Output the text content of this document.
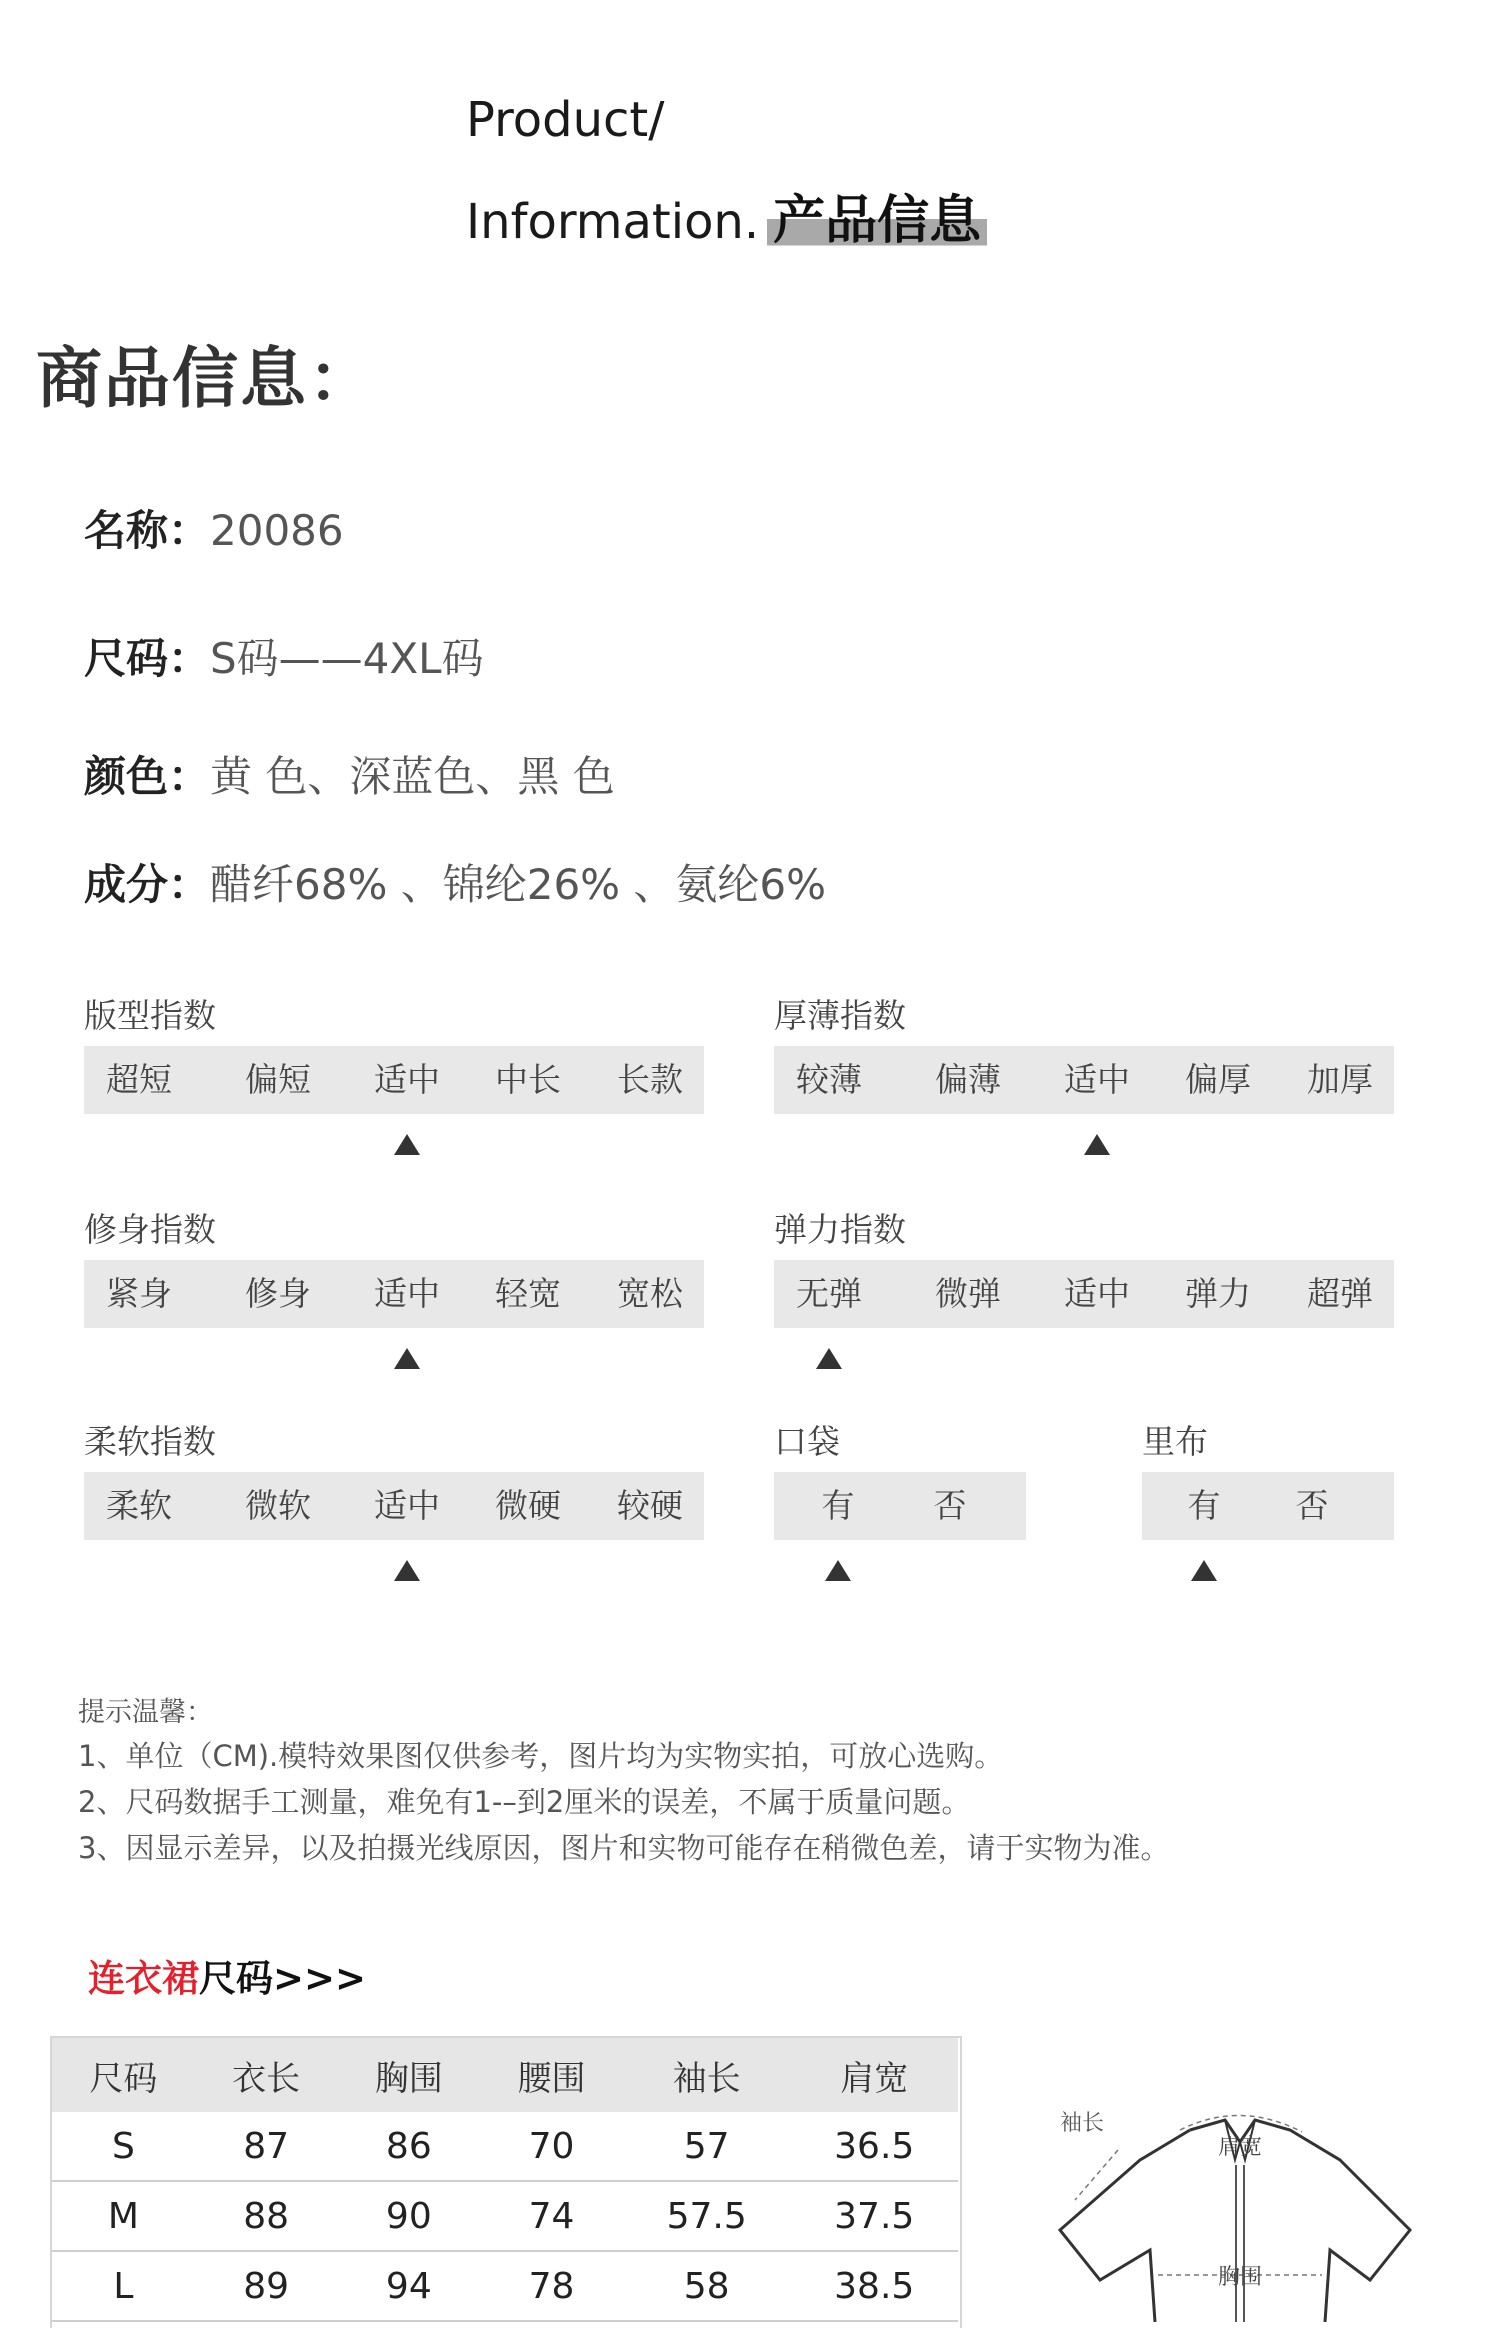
Product/
Information. 产品信息
商品信息：
名称：20086
尺码：S码——4XL码
颜色：黄 色、深蓝色、黑 色
成分：醋纤68% 、锦纶26% 、氨纶6%
版型指数
超短 偏短 适中 中长 长款
厚薄指数
较薄 偏薄 适中 偏厚 加厚
修身指数
紧身 修身 适中 轻宽 宽松
弹力指数
无弹 微弹 适中 弹力 超弹
柔软指数
柔软 微软 适中 微硬 较硬
口袋
有 否
里布
有 否
提示温馨：
1、单位（CM).模特效果图仅供参考，图片均为实物实拍，可放心选购。
2、尺码数据手工测量，难免有1-–到2厘米的误差，不属于质量问题。
3、因显示差异，以及拍摄光线原因，图片和实物可能存在稍微色差，请于实物为准。
连衣裙尺码>>>
尺码	衣长	胸围	腰围	袖长	肩宽
S	87	86	70	57	36.5
M	88	90	74	57.5	37.5
L	89	94	78	58	38.5
袖长
肩宽
胸围
